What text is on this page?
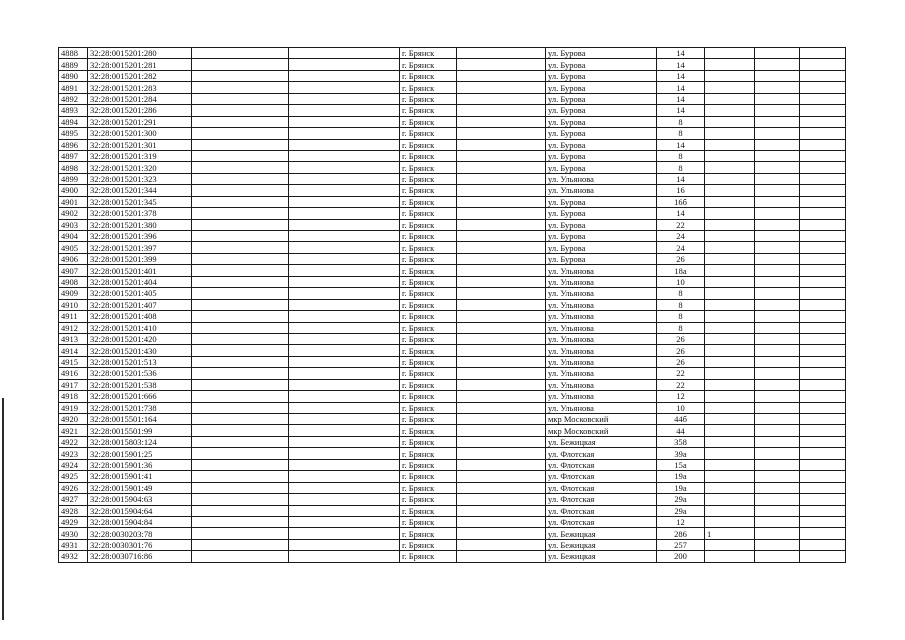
4888	32:28:0015201:280			г. Брянск		ул. Бурова	14			
4889	32:28:0015201:281			г. Брянск		ул. Бурова	14			
4890	32:28:0015201:282			г. Брянск		ул. Бурова	14			
4891	32:28:0015201:283			г. Брянск		ул. Бурова	14			
4892	32:28:0015201:284			г. Брянск		ул. Бурова	14			
4893	32:28:0015201:286			г. Брянск		ул. Бурова	14			
4894	32:28:0015201:291			г. Брянск		ул. Бурова	8			
4895	32:28:0015201:300			г. Брянск		ул. Бурова	8			
4896	32:28:0015201:301			г. Брянск		ул. Бурова	14			
4897	32:28:0015201:319			г. Брянск		ул. Бурова	8			
4898	32:28:0015201:320			г. Брянск		ул. Бурова	8			
4899	32:28:0015201:323			г. Брянск		ул. Ульянова	14			
4900	32:28:0015201:344			г. Брянск		ул. Ульянова	16			
4901	32:28:0015201:345			г. Брянск		ул. Бурова	16б			
4902	32:28:0015201:378			г. Брянск		ул. Бурова	14			
4903	32:28:0015201:380			г. Брянск		ул. Бурова	22			
4904	32:28:0015201:396			г. Брянск		ул. Бурова	24			
4905	32:28:0015201:397			г. Брянск		ул. Бурова	24			
4906	32:28:0015201:399			г. Брянск		ул. Бурова	26			
4907	32:28:0015201:401			г. Брянск		ул. Ульянова	18а			
4908	32:28:0015201:404			г. Брянск		ул. Ульянова	10			
4909	32:28:0015201:405			г. Брянск		ул. Ульянова	8			
4910	32:28:0015201:407			г. Брянск		ул. Ульянова	8			
4911	32:28:0015201:408			г. Брянск		ул. Ульянова	8			
4912	32:28:0015201:410			г. Брянск		ул. Ульянова	8			
4913	32:28:0015201:420			г. Брянск		ул. Ульянова	26			
4914	32:28:0015201:430			г. Брянск		ул. Ульянова	26			
4915	32:28:0015201:513			г. Брянск		ул. Ульянова	26			
4916	32:28:0015201:536			г. Брянск		ул. Ульянова	22			
4917	32:28:0015201:538			г. Брянск		ул. Ульянова	22			
4918	32:28:0015201:666			г. Брянск		ул. Ульянова	12			
4919	32:28:0015201:738			г. Брянск		ул. Ульянова	10			
4920	32:28:0015501:164			г. Брянск		мкр Московский	44б			
4921	32:28:0015501:99			г. Брянск		мкр Московский	44			
4922	32:28:0015803:124			г. Брянск		ул. Бежицкая	358			
4923	32:28:0015901:25			г. Брянск		ул. Флотская	39а			
4924	32:28:0015901:36			г. Брянск		ул. Флотская	15а			
4925	32:28:0015901:41			г. Брянск		ул. Флотская	19а			
4926	32:28:0015901:49			г. Брянск		ул. Флотская	19а			
4927	32:28:0015904:63			г. Брянск		ул. Флотская	29а			
4928	32:28:0015904:64			г. Брянск		ул. Флотская	29а			
4929	32:28:0015904:84			г. Брянск		ул. Флотская	12			
4930	32:28:0030203:78			г. Брянск		ул. Бежицкая	286	1		
4931	32:28:0030301:76			г. Брянск		ул. Бежицкая	257			
4932	32:28:0030716:86			г. Брянск		ул. Бежицкая	200			
